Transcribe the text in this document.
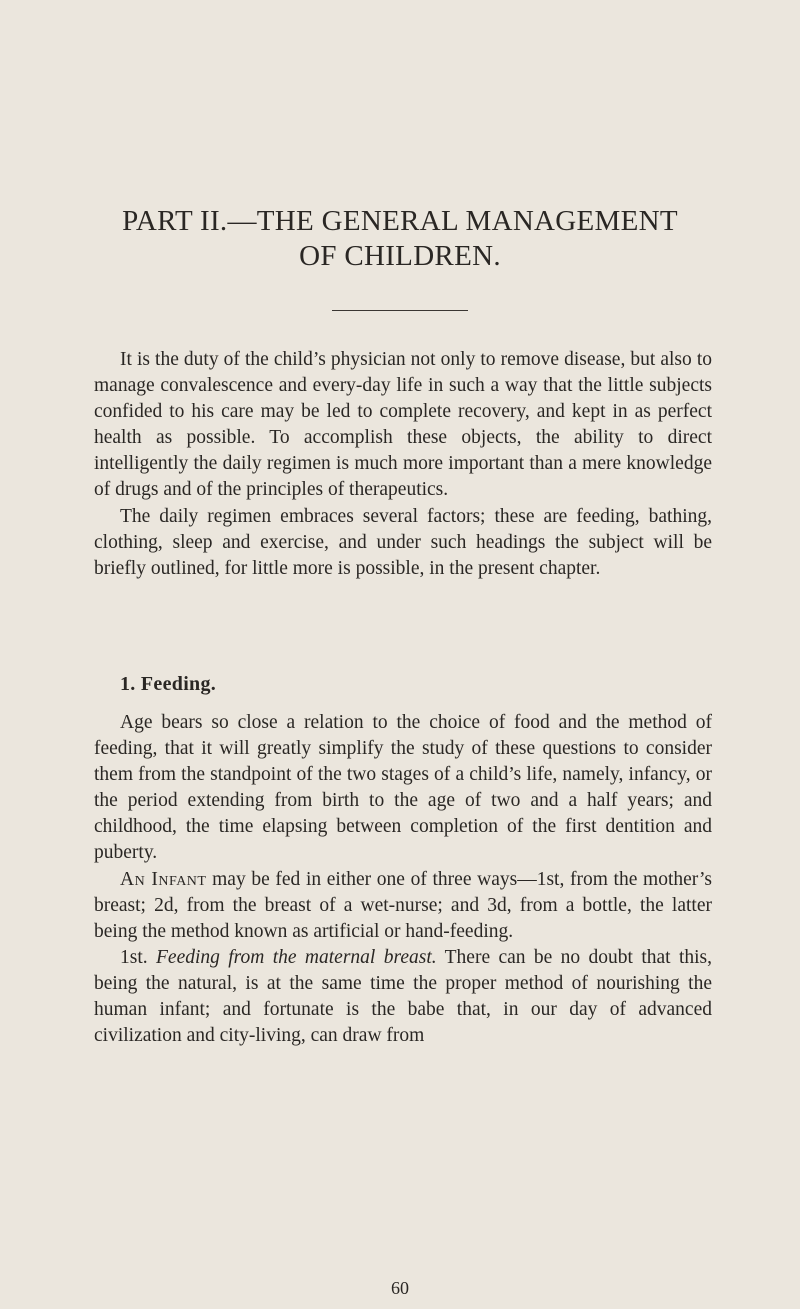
PART II.—THE GENERAL MANAGEMENT
OF CHILDREN.

It is the duty of the child’s physician not only to remove disease, but also to manage convalescence and every-day life in such a way that the little subjects confided to his care may be led to complete recovery, and kept in as perfect health as possible. To accomplish these objects, the ability to direct intelligently the daily regimen is much more important than a mere knowledge of drugs and of the principles of therapeutics.

The daily regimen embraces several factors; these are feeding, bathing, clothing, sleep and exercise, and under such headings the subject will be briefly outlined, for little more is possible, in the present chapter.

1. Feeding.

Age bears so close a relation to the choice of food and the method of feeding, that it will greatly simplify the study of these questions to consider them from the standpoint of the two stages of a child’s life, namely, infancy, or the period extending from birth to the age of two and a half years; and childhood, the time elapsing between completion of the first dentition and puberty.

An Infant may be fed in either one of three ways—1st, from the mother’s breast; 2d, from the breast of a wet-nurse; and 3d, from a bottle, the latter being the method known as artificial or hand-feeding.

1st. Feeding from the maternal breast. There can be no doubt that this, being the natural, is at the same time the proper method of nourishing the human infant; and fortunate is the babe that, in our day of advanced civilization and city-living, can draw from

60
